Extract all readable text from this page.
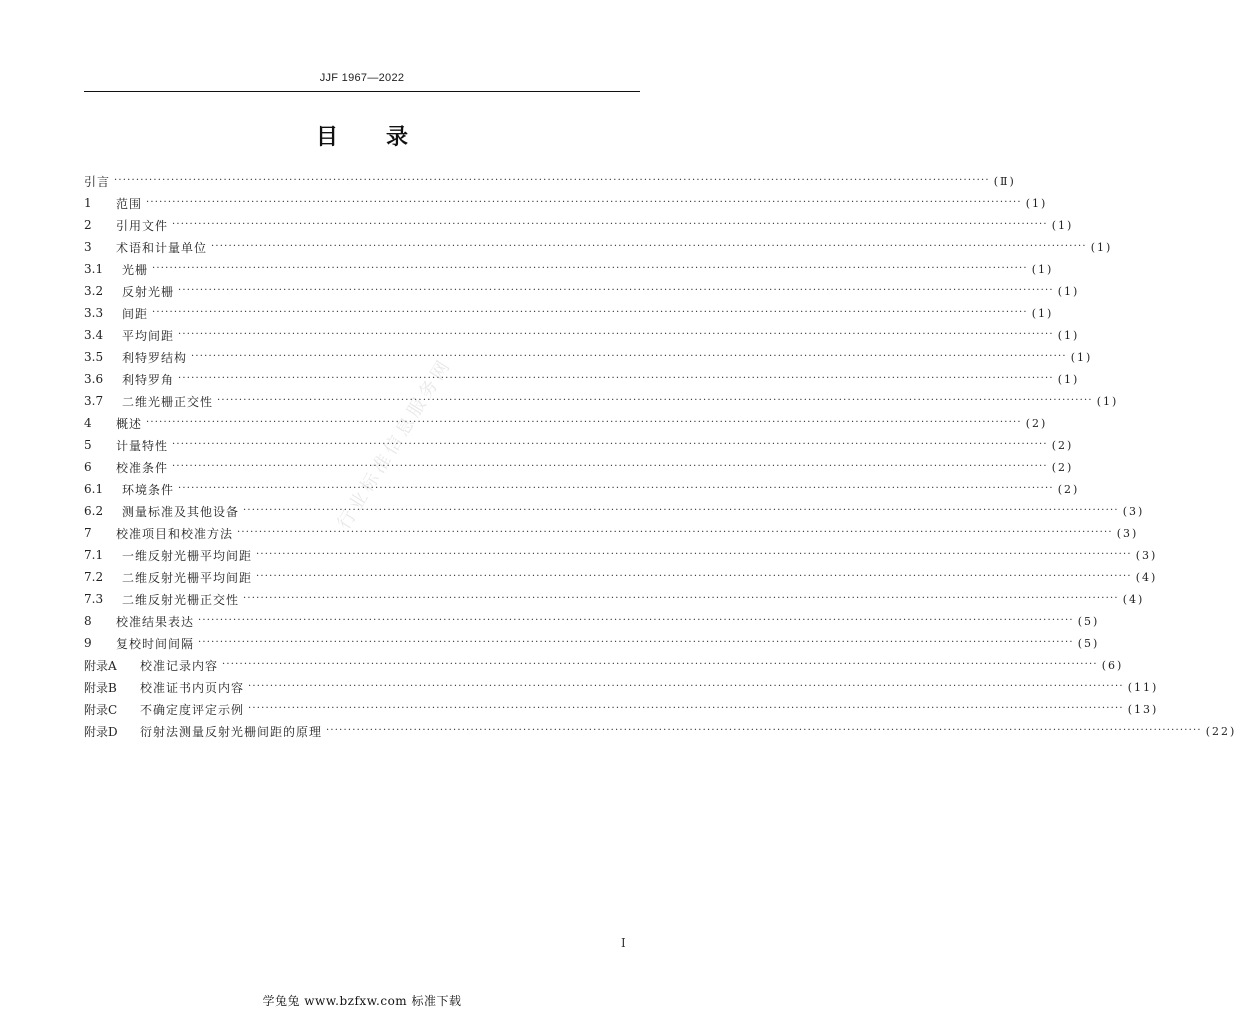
JJF 1967—2022
目录
引言 ········································································································································································································ (Ⅱ)
1	范围 ········································································································································································································ (1)
2	引用文件 ········································································································································································································ (1)
3	术语和计量单位 ········································································································································································································ (1)
3.1	光栅 ········································································································································································································ (1)
3.2	反射光栅 ········································································································································································································ (1)
3.3	间距 ········································································································································································································ (1)
3.4	平均间距 ········································································································································································································ (1)
3.5	利特罗结构 ········································································································································································································ (1)
3.6	利特罗角 ········································································································································································································ (1)
3.7	二维光栅正交性 ········································································································································································································ (1)
4	概述 ········································································································································································································ (2)
5	计量特性 ········································································································································································································ (2)
6	校准条件 ········································································································································································································ (2)
6.1	环境条件 ········································································································································································································ (2)
6.2	测量标准及其他设备 ········································································································································································································ (3)
7	校准项目和校准方法 ········································································································································································································ (3)
7.1	一维反射光栅平均间距 ········································································································································································································ (3)
7.2	二维反射光栅平均间距 ········································································································································································································ (4)
7.3	二维反射光栅正交性 ········································································································································································································ (4)
8	校准结果表达 ········································································································································································································ (5)
9	复校时间间隔 ········································································································································································································ (5)
附录A	校准记录内容 ········································································································································································································ (6)
附录B	校准证书内页内容 ········································································································································································································ (11)
附录C	不确定度评定示例 ········································································································································································································ (13)
附录D	衍射法测量反射光栅间距的原理 ········································································································································································································ (22)
行业标准信息服务网
I
学兔兔 www.bzfxw.com 标准下载
